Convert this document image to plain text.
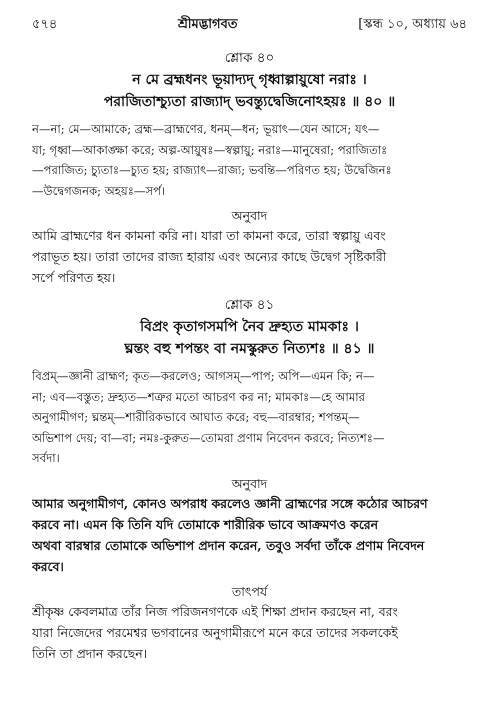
৫৭৪	শ্রীমদ্ভাগবত	[স্কন্ধ ১০, অধ্যায় ৬৪
শ্লোক ৪০
ন মে ব্রহ্মধনং ভূয়াদ্যদ্ গৃধ্বাল্পায়ুষো নরাঃ ।
পরাজিতাশ্চ্যুতা রাজ্যাদ্ ভবন্ত্যুদ্বেজিনোঽহয়ঃ ॥ ৪০ ॥
ন—না; মে—আমাকে; ব্রহ্ম—ব্রাহ্মণের, ধনম্—ধন; ভূয়াৎ—যেন আসে; যৎ—
যা; গৃধ্বা—আকাঙ্ক্ষা করে; অল্প-আয়ুষঃ—স্বল্পায়ু; নরাঃ—মানুষেরা; পরাজিতাঃ
—পরাজিত; চ্যুতাঃ—চ্যুত হয়; রাজ্যাৎ—রাজ্য; ভবন্তি—পরিণত হয়; উদ্বেজিনঃ
—উদ্বেগজনক; অহয়ঃ—সর্প।
অনুবাদ
আমি ব্রাহ্মণের ধন কামনা করি না। যারা তা কামনা করে, তারা স্বল্পায়ু এবং
পরাভূত হয়। তারা তাদের রাজ্য হারায় এবং অন্যের কাছে উদ্বেগ সৃষ্টিকারী
সর্পে পরিণত হয়।
শ্লোক ৪১
বিপ্রং কৃতাগসমপি নৈব দ্রুহ্যত মামকাঃ ।
ঘ্নন্তং বহু শপন্তং বা নমস্কুরুত নিত্যশঃ ॥ ৪১ ॥
বিপ্রম্—জ্ঞানী ব্রাহ্মণ; কৃত—করলেও; আগসম্—পাপ; অপি—এমন কি; ন—
না; এব—বস্তুত; দ্রুহ্যত—শত্রুর মতো আচরণ কর না; মামকাঃ—হে আমার
অনুগামীগণ; ঘ্নন্তম্—শারীরিকভাবে আঘাত করে; বহু—বারম্বার; শপন্তম্—
অভিশাপ দেয়; বা—বা; নমঃ-কুরুত—তোমরা প্রণাম নিবেদন করবে; নিত্যশঃ—
সর্বদা।
অনুবাদ
আমার অনুগামীগণ, কোনও অপরাধ করলেও জ্ঞানী ব্রাহ্মণের সঙ্গে কঠোর আচরণ
করবে না। এমন কি তিনি যদি তোমাকে শারীরিক ভাবে আক্রমণও করেন
অথবা বারম্বার তোমাকে অভিশাপ প্রদান করেন, তবুও সর্বদা তাঁকে প্রণাম নিবেদন
করবে।
তাৎপর্য
শ্রীকৃষ্ণ কেবলমাত্র তাঁর নিজ পরিজনগণকে এই শিক্ষা প্রদান করছেন না, বরং
যারা নিজেদের পরমেশ্বর ভগবানের অনুগামীরূপে মনে করে তাদের সকলকেই
তিনি তা প্রদান করছেন।
